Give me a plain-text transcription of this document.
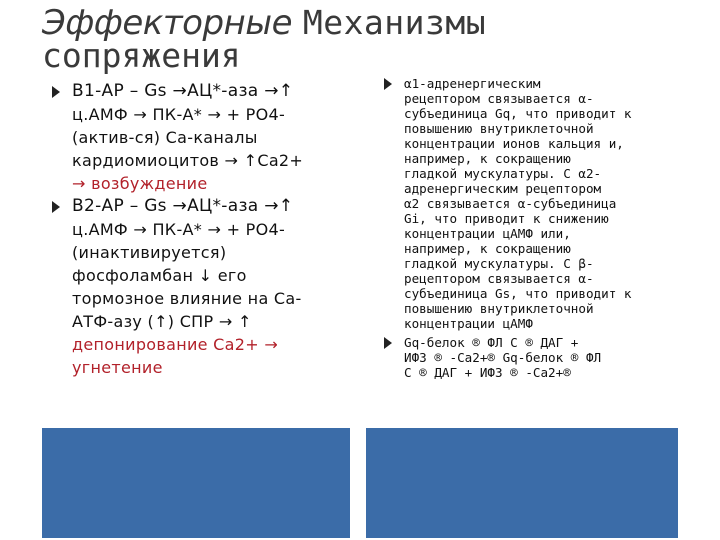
Эффекторные Механизмы
сопряжения
B1-АР – Gs →АЦ*-аза →↑
ц.АМФ → ПК-А* → + РО4-
(актив-ся) Са-каналы
кардиомиоцитов → ↑Са2+
→ возбуждение
В2-АР – Gs →АЦ*-аза →↑
ц.АМФ → ПК-А* → + РО4-
(инактивируется)
фосфоламбан ↓ его
тормозное влияние на Са-
АТФ-азу (↑) СПР → ↑
депонирование Са2+ →
угнетение
α1-адренергическим
рецептором связывается α-
субъединица Gq, что приводит к
повышению внутриклеточной
концентрации ионов кальция и,
например, к сокращению
гладкой мускулатуры. С α2-
адренергическим рецептором
α2 связывается α-субъединица
Gi, что приводит к снижению
концентрации цАМФ или,
например, к сокращению
гладкой мускулатуры. С β-
рецептором связывается α-
субъединица Gs, что приводит к
повышению внутриклеточной
концентрации цАМФ
Gq-белок ® ФЛ С ® ДАГ +
ИФ3 ® -Са2+® Gq-белок ® ФЛ
С ® ДАГ + ИФ3 ® -Са2+®
